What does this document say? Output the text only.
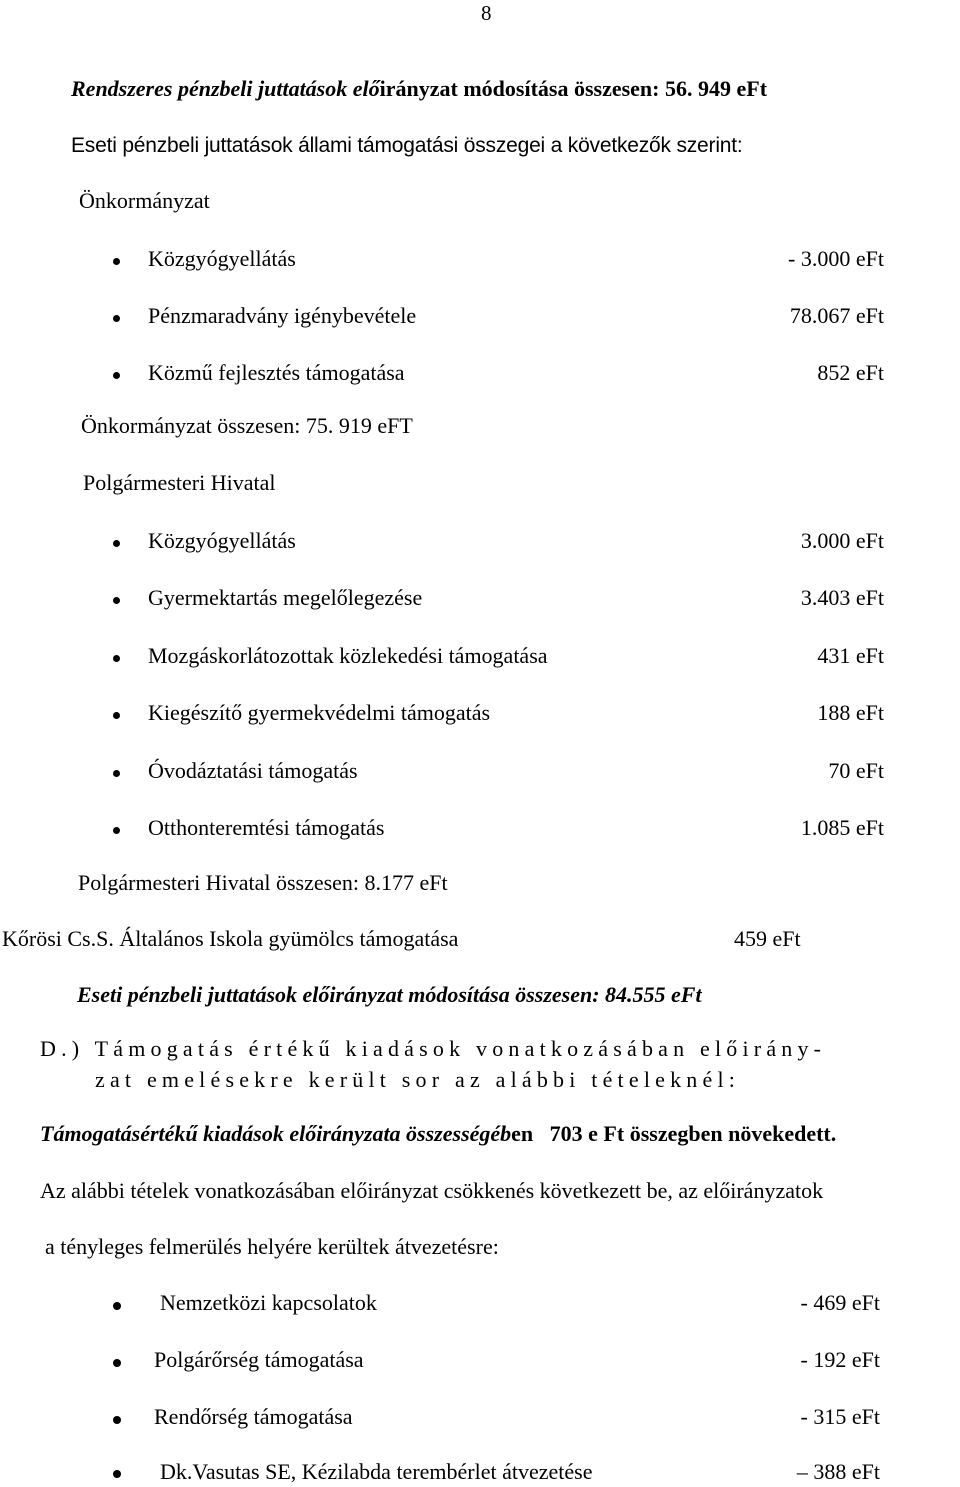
8
Rendszeres pénzbeli juttatások előirányzat módosítása összesen: 56. 949 eFt
Eseti pénzbeli juttatások állami támogatási összegei a következők szerint:
Önkormányzat
Közgyógyellátás	- 3.000 eFt
Pénzmaradvány igénybevétele	78.067 eFt
Közmű fejlesztés támogatása	852 eFt
Önkormányzat összesen: 75. 919 eFT
Polgármesteri Hivatal
Közgyógyellátás	3.000 eFt
Gyermektartás megelőlegezése	3.403 eFt
Mozgáskorlátozottak közlekedési támogatása	431 eFt
Kiegészítő gyermekvédelmi támogatás	188 eFt
Óvodáztatási támogatás	70 eFt
Otthonteremtési támogatás	1.085 eFt
Polgármesteri Hivatal összesen: 8.177 eFt
Kőrösi Cs.S. Általános Iskola gyümölcs támogatása	459 eFt
Eseti pénzbeli juttatások előirányzat módosítása összesen: 84.555 eFt
D.) Támogatás értékű kiadások vonatkozásában előirány-
zat emelésekre került sor az alábbi tételeknél:
Támogatásértékű kiadások előirányzata összességében   703 e Ft összegben növekedett.
Az alábbi tételek vonatkozásában előirányzat csökkenés következett be, az előirányzatok
a tényleges felmerülés helyére kerültek átvezetésre:
Nemzetközi kapcsolatok	- 469 eFt
Polgárőrség támogatása	- 192 eFt
Rendőrség támogatása	- 315 eFt
Dk.Vasutas SE, Kézilabda terembérlet átvezetése	– 388 eFt
